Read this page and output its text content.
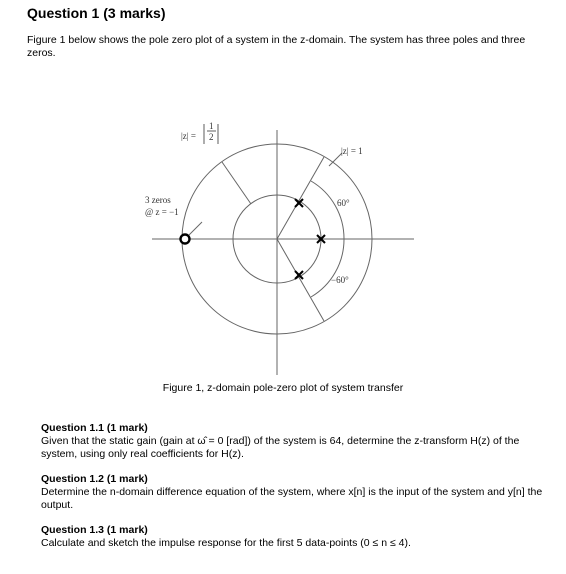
Question 1 (3 marks)

Figure 1 below shows the pole zero plot of a system in the z-domain. The system has three poles and three zeros.

|z| =
1
2
|z| = 1
3 zeros
@ z = −1
60°
−60°
Figure 1, z-domain pole-zero plot of system transfer
Question 1.1 (1 mark)

Given that the static gain (gain at ω̂ = 0 [rad]) of the system is 64, determine the z-transform H(z) of the system, using only real coefficients for H(z).

Question 1.2 (1 mark)

Determine the n-domain difference equation of the system, where x[n] is the input of the system and y[n] the output.

Question 1.3 (1 mark)

Calculate and sketch the impulse response for the first 5 data-points (0 ≤ n ≤ 4).
